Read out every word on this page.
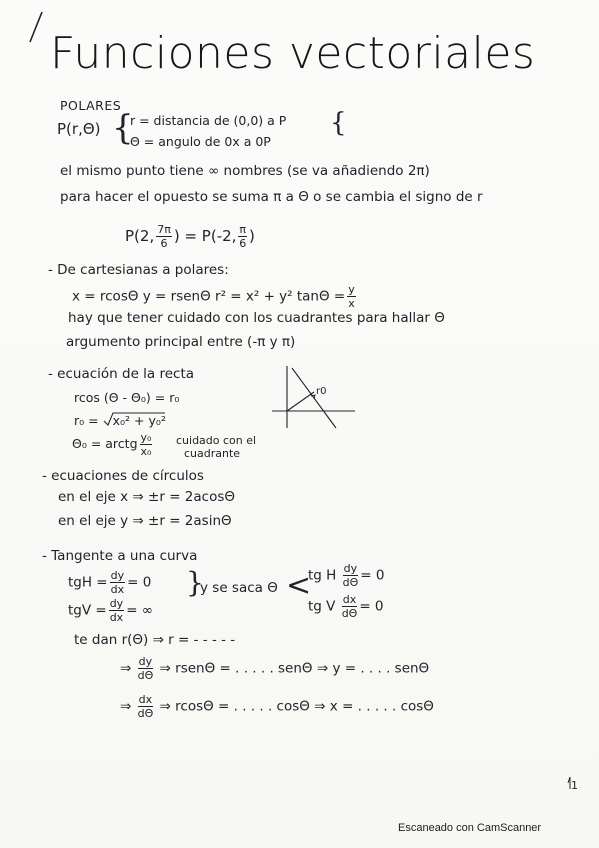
Funciones vectoriales
POLARES
P(r,Θ) {
r = distancia de (0,0) a P
Θ = angulo de 0x a 0P
{
el mismo punto tiene ∞ nombres (se va añadiendo 2π)
para hacer el opuesto se suma π a Θ o se cambia el signo de r
P(2, $\frac{7\pi}{6}$ ) = P(-2, $\frac{\pi}{6}$ )
- De cartesianas a polares:
x = rcosΘ y = rsenΘ r² = x² + y² $\tan\Theta = \frac{y}{x}$
hay que tener cuidado con los cuadrantes para hallar Θ
argumento principal entre (-π y π)
- ecuación de la recta
rcos (Θ - Θ₀) = r₀
r₀ = x₀² + y₀²
Θ₀ = arctg $\frac{\text{y₀}}{\text{x₀}}$ cuidado con el
cuadrante
r0
- ecuaciones de círculos
en el eje x ⇒ ±r = 2acosΘ
en el eje y ⇒ ±r = 2asinΘ
- Tangente a una curva
tgH = $\frac{dy}{dx} = 0$
tgV = $\frac{dy}{dx}$ = ∞
}
y se saca Θ <
tg H $\frac{dy}{d\Theta} = 0$
tg V $\frac{dx}{d\Theta} = 0$
te dan r(Θ) ⇒ r = - - - - -
⇒ $\frac{dy}{d\Theta}$ ⇒ rsenΘ = . . . . . senΘ ⇒ y = . . . . senΘ
⇒ $\frac{dx}{d\Theta}$ ⇒ rcosΘ = . . . . . cosΘ ⇒ x = . . . . . cosΘ
1
Escaneado con CamScanner
